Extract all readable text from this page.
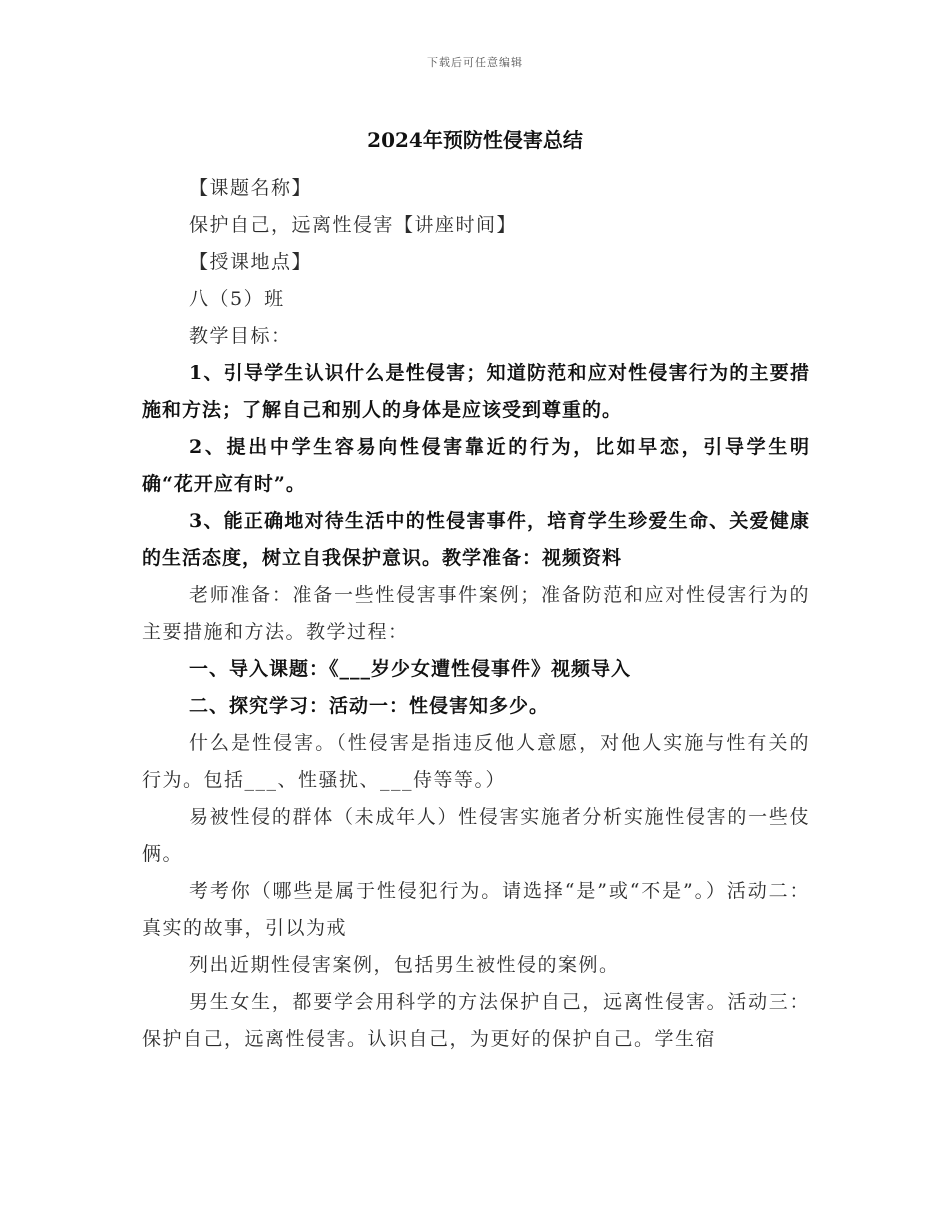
下载后可任意编辑
2024年预防性侵害总结

【课题名称】

保护自己，远离性侵害【讲座时间】

【授课地点】

八（5）班

教学目标：

1、引导学生认识什么是性侵害；知道防范和应对性侵害行为的主要措施和方法；了解自己和别人的身体是应该受到尊重的。

2、提出中学生容易向性侵害靠近的行为，比如早恋，引导学生明确“花开应有时”。

3、能正确地对待生活中的性侵害事件，培育学生珍爱生命、关爱健康的生活态度，树立自我保护意识。教学准备：视频资料

老师准备：准备一些性侵害事件案例；准备防范和应对性侵害行为的主要措施和方法。教学过程：

一、导入课题：《___岁少女遭性侵事件》视频导入

二、探究学习：活动一：性侵害知多少。

什么是性侵害。（性侵害是指违反他人意愿，对他人实施与性有关的行为。包括___、性骚扰、___侍等等。）

易被性侵的群体（未成年人）性侵害实施者分析实施性侵害的一些伎俩。

考考你（哪些是属于性侵犯行为。请选择“是”或“不是”。）活动二：真实的故事，引以为戒

列出近期性侵害案例，包括男生被性侵的案例。

男生女生，都要学会用科学的方法保护自己，远离性侵害。活动三：保护自己，远离性侵害。认识自己，为更好的保护自己。学生宿
